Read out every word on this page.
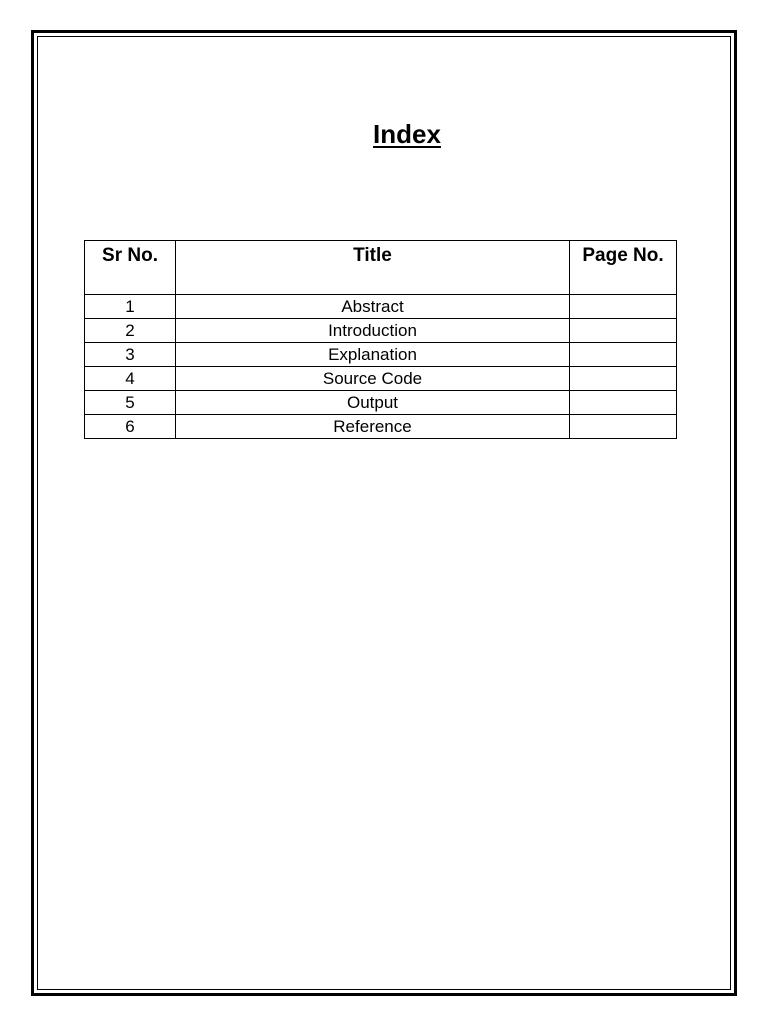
Index
Sr No.	Title	Page No.
1	Abstract	
2	Introduction	
3	Explanation	
4	Source Code	
5	Output	
6	Reference	
